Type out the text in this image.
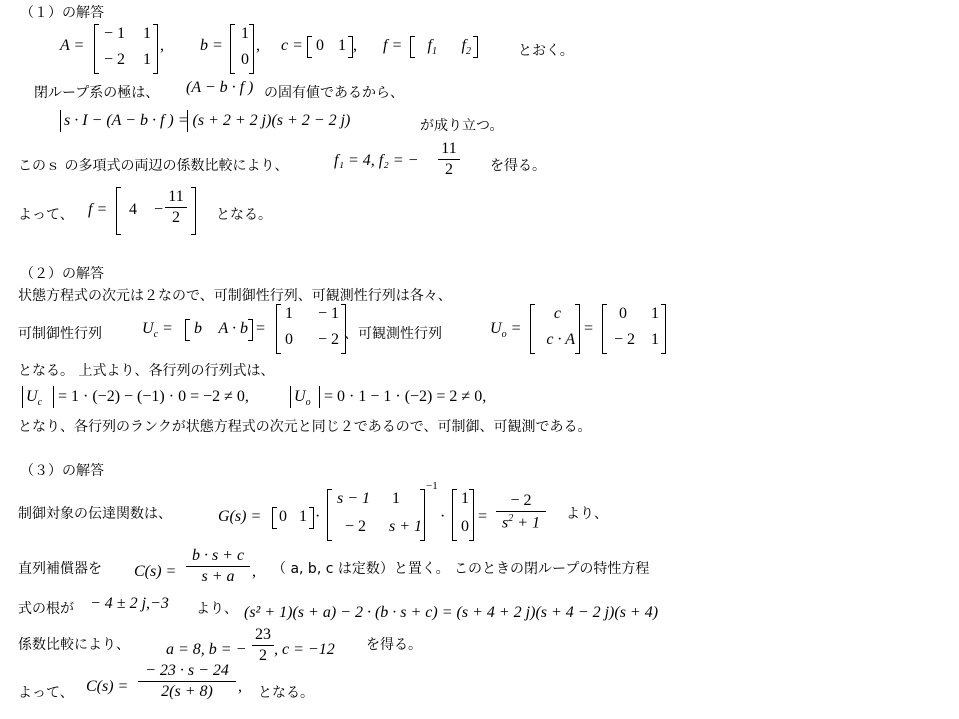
（１）の解答
A =
− 1	1
− 2	1
, b =
1
0
, c = 0 1 , f =	$f_1$	$f_2$	とおく。
閉ループ系の極は、 (A − b · f ) の固有値であるから、
s · I − (A − b · f ) = (s + 2 + 2 j)(s + 2 − 2 j)	が成り立つ。
このｓ の多項式の両辺の係数比較により、	f₁ = 4, f₂ = −
11
2	を得る。
よって、 f =	4	−
11
2	となる。
（２）の解答
状態方程式の次元は２なので、可制御性行列、可観測性行列は各々、
可制御性行列	$U_c = b$ A · b =
1	− 1
0	− 2 、可観測性行列	$U_o$ =
c
c · A
=
0	1
− 2	1
となる。 上式より、各行列の行列式は、
$U_c = 1 \cdot (-2) - (-1) \cdot 0 = -2 \ne 0$,	$U_o = 0 \cdot 1 - 1 \cdot (-2) = 2 \ne 0$,
となり、各行列のランクが状態方程式の次元と同じ２であるので、可制御、可観測である。
（３）の解答
制御対象の伝達関数は、	G(s) = 0 1 ·
s − 1	1
− 2	s + 1
−1
·
1
0
=
− 2
$s^2 + 1$
より、
直列補償器を C(s) =
b · s + c
s + a	, （ a, b, c は定数）と置く。 このときの閉ループの特性方程
式の根が − 4 ± 2 j,−3 より、 (s² + 1)(s + a) − 2 · (b · s + c) = (s + 4 + 2 j)(s + 4 − 2 j)(s + 4)
係数比較により、 a = 8, b = −
23
2 , c = −12 を得る。
よって、 C(s) =
− 23 · s − 24
2(s + 8)	, となる。
